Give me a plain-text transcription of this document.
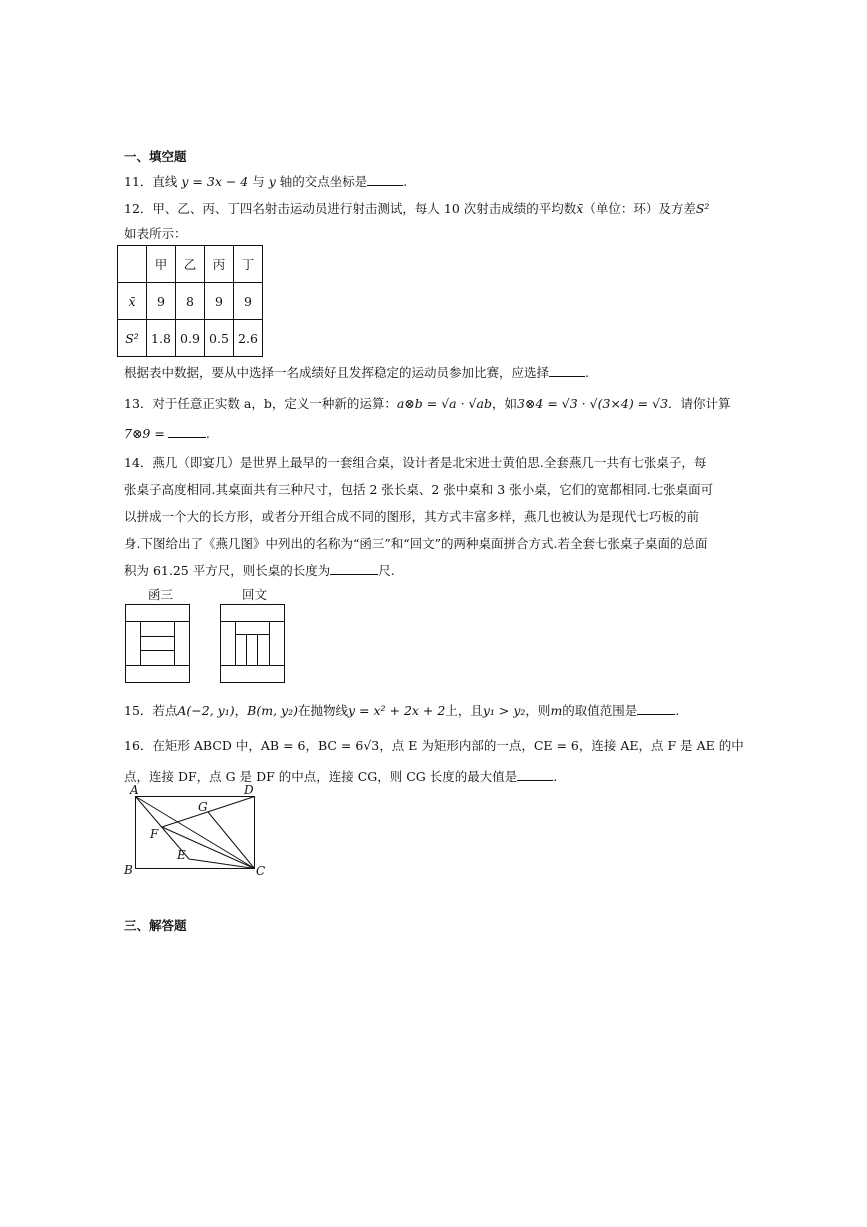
一、填空题
11．直线 y = 3x − 4 与 y 轴的交点坐标是	.
12．甲、乙、丙、丁四名射击运动员进行射击测试，每人 10 次射击成绩的平均数x̄（单位：环）及方差S²
如表所示：
	甲	乙	丙	丁
x̄	9	8	9	9
S²	1.8	0.9	0.5	2.6
根据表中数据，要从中选择一名成绩好且发挥稳定的运动员参加比赛，应选择	.
13．对于任意正实数 a，b，定义一种新的运算：a⊗b = √a · √ab，如3⊗4 = √3 · √(3×4) = √3．请你计算
7⊗9 =	.
14．燕几（即宴几）是世界上最早的一套组合桌，设计者是北宋进士黄伯思.全套燕几一共有七张桌子，每
张桌子高度相同.其桌面共有三种尺寸，包括 2 张长桌、2 张中桌和 3 张小桌，它们的宽都相同.七张桌面可
以拼成一个大的长方形，或者分开组合成不同的图形，其方式丰富多样，燕几也被认为是现代七巧板的前
身.下图给出了《燕几图》中列出的名称为“函三”和“回文”的两种桌面拼合方式.若全套七张桌子桌面的总面
积为 61.25 平方尺，则长桌的长度为	尺.
函三	回文
15．若点A(−2, y₁)，B(m, y₂)在抛物线y = x² + 2x + 2上，且y₁ > y₂，则m的取值范围是	.
16．在矩形 ABCD 中，AB = 6，BC = 6√3，点 E 为矩形内部的一点，CE = 6，连接 AE，点 F 是 AE 的中
点，连接 DF，点 G 是 DF 的中点，连接 CG，则 CG 长度的最大值是	.
A
B	C
D
E
F
G
三、解答题
